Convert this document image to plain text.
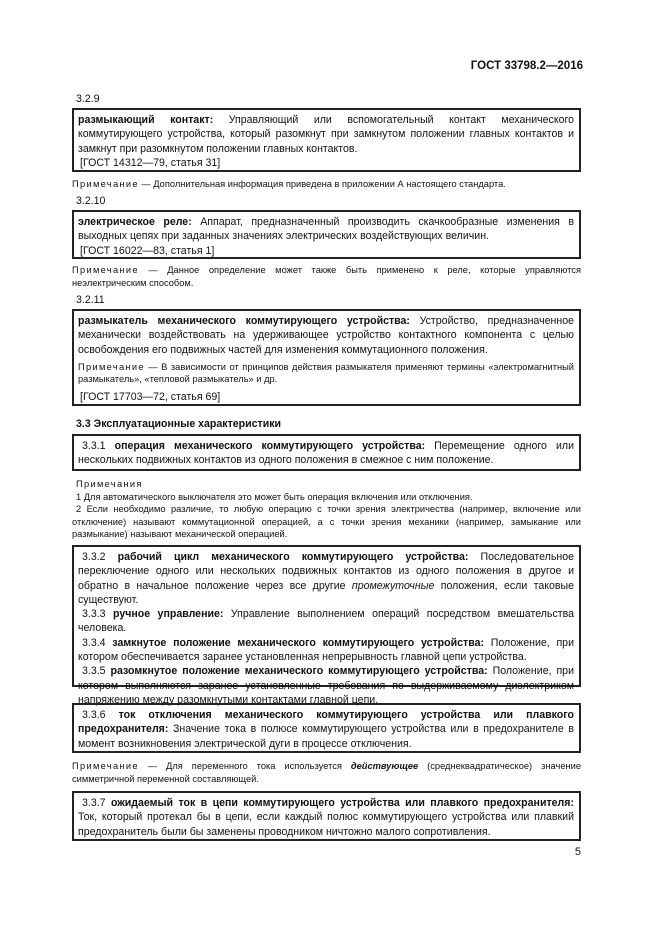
ГОСТ 33798.2—2016
3.2.9

размыкающий контакт: Управляющий или вспомогательный контакт механического коммутирующего устройства, который разомкнут при замкнутом положении главных контактов и замкнут при разомкнутом положении главных контактов.

[ГОСТ 14312—79, статья 31]

Примечание — Дополнительная информация приведена в приложении А настоящего стандарта.
3.2.10

электрическое реле: Аппарат, предназначенный производить скачкообразные изменения в выходных цепях при заданных значениях электрических воздействующих величин.

[ГОСТ 16022—83, статья 1]

Примечание — Данное определение может также быть применено к реле, которые управляются неэлектрическим способом.
3.2.11

размыкатель механического коммутирующего устройства: Устройство, предназначенное механически воздействовать на удерживающее устройство контактного компонента с целью освобождения его подвижных частей для изменения коммутационного положения.

Примечание — В зависимости от принципов действия размыкателя применяют термины «электромагнитный размыкатель», «тепловой размыкатель» и др.

[ГОСТ 17703—72, статья 69]

3.3 Эксплуатационные характеристики

3.3.1 операция механического коммутирующего устройства: Перемещение одного или нескольких подвижных контактов из одного положения в смежное с ним положение.

Примечания
1 Для автоматического выключателя это может быть операция включения или отключения.
2 Если необходимо различие, то любую операцию с точки зрения электричества (например, включение или отключение) называют коммутационной операцией, а с точки зрения механики (например, замыкание или размыкание) называют механической операцией.

3.3.2 рабочий цикл механического коммутирующего устройства: Последовательное переключение одного или нескольких подвижных контактов из одного положения в другое и обратно в начальное положение через все другие промежуточные положения, если таковые существуют.

3.3.3 ручное управление: Управление выполнением операций посредством вмешательства человека.

3.3.4 замкнутое положение механического коммутирующего устройства: Положение, при котором обеспечивается заранее установленная непрерывность главной цепи устройства.

3.3.5 разомкнутое положение механического коммутирующего устройства: Положение, при котором выполняются заранее установленные требования по выдерживаемому диэлектриком напряжению между разомкнутыми контактами главной цепи.

3.3.6 ток отключения механического коммутирующего устройства или плавкого предохранителя: Значение тока в полюсе коммутирующего устройства или в предохранителе в момент возникновения электрической дуги в процессе отключения.

Примечание — Для переменного тока используется действующее (среднеквадратическое) значение симметричной переменной составляющей.

3.3.7 ожидаемый ток в цепи коммутирующего устройства или плавкого предохранителя: Ток, который протекал бы в цепи, если каждый полюс коммутирующего устройства или плавкий предохранитель были бы заменены проводником ничтожно малого сопротивления.

5
